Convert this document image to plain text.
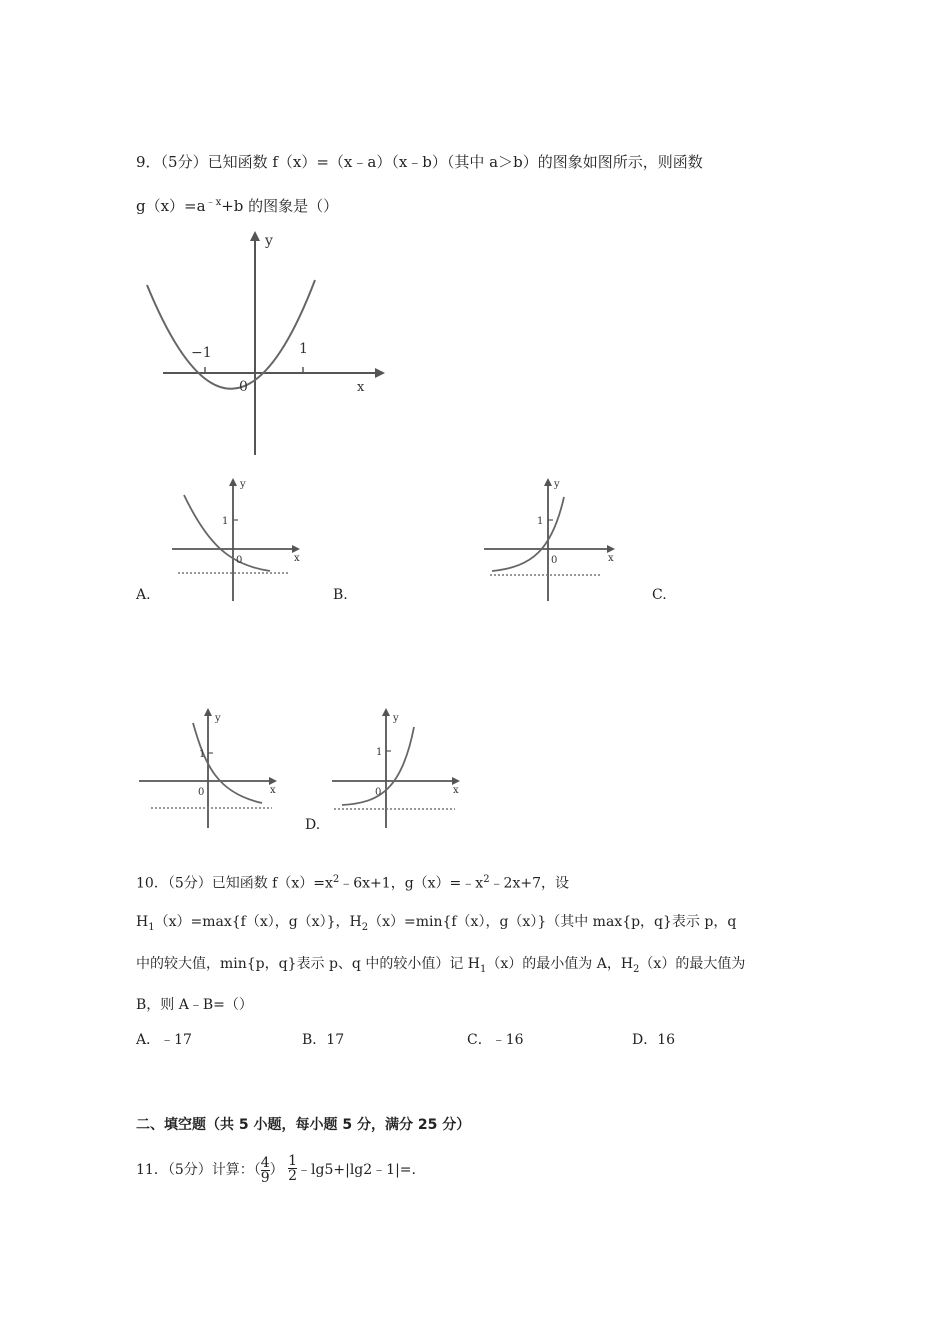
9．（5分）已知函数 f（x）=（x﹣a）（x﹣b）（其中 a＞b）的图象如图所示，则函数
$g(x)=a^{﹣x}+b$ 的图象是（）
y
x
−1	1
0
y
x
1
0
A.	B.
y
x
1
0
C.
y
x
1
0
y
x
1
0
D.
10．（5分）已知函数 $f(x)=x^2﹣6x+1$，$g(x)=﹣x^2﹣2x+7$，设
$H_1(x)=\max\{f(x)$，g（x）}，$H_2(x)=\min\{f(x)$，g（x）}（其中 max{p，q}表示 p，q
中的较大值，min{p，q}表示 p、q 中的较小值）记 $H_1(x)$的最小值为 A，$H_2(x)$的最大值为
B，则 A﹣B=（）
A．﹣17	B．17	C．﹣16	D．16
二、填空题（共 5 小题，每小题 5 分，满分 25 分）
11．（5分）计算：（ $\frac{4}{9}$ ） $\frac{1}{2}$ ﹣lg5+|lg2﹣1|=.
